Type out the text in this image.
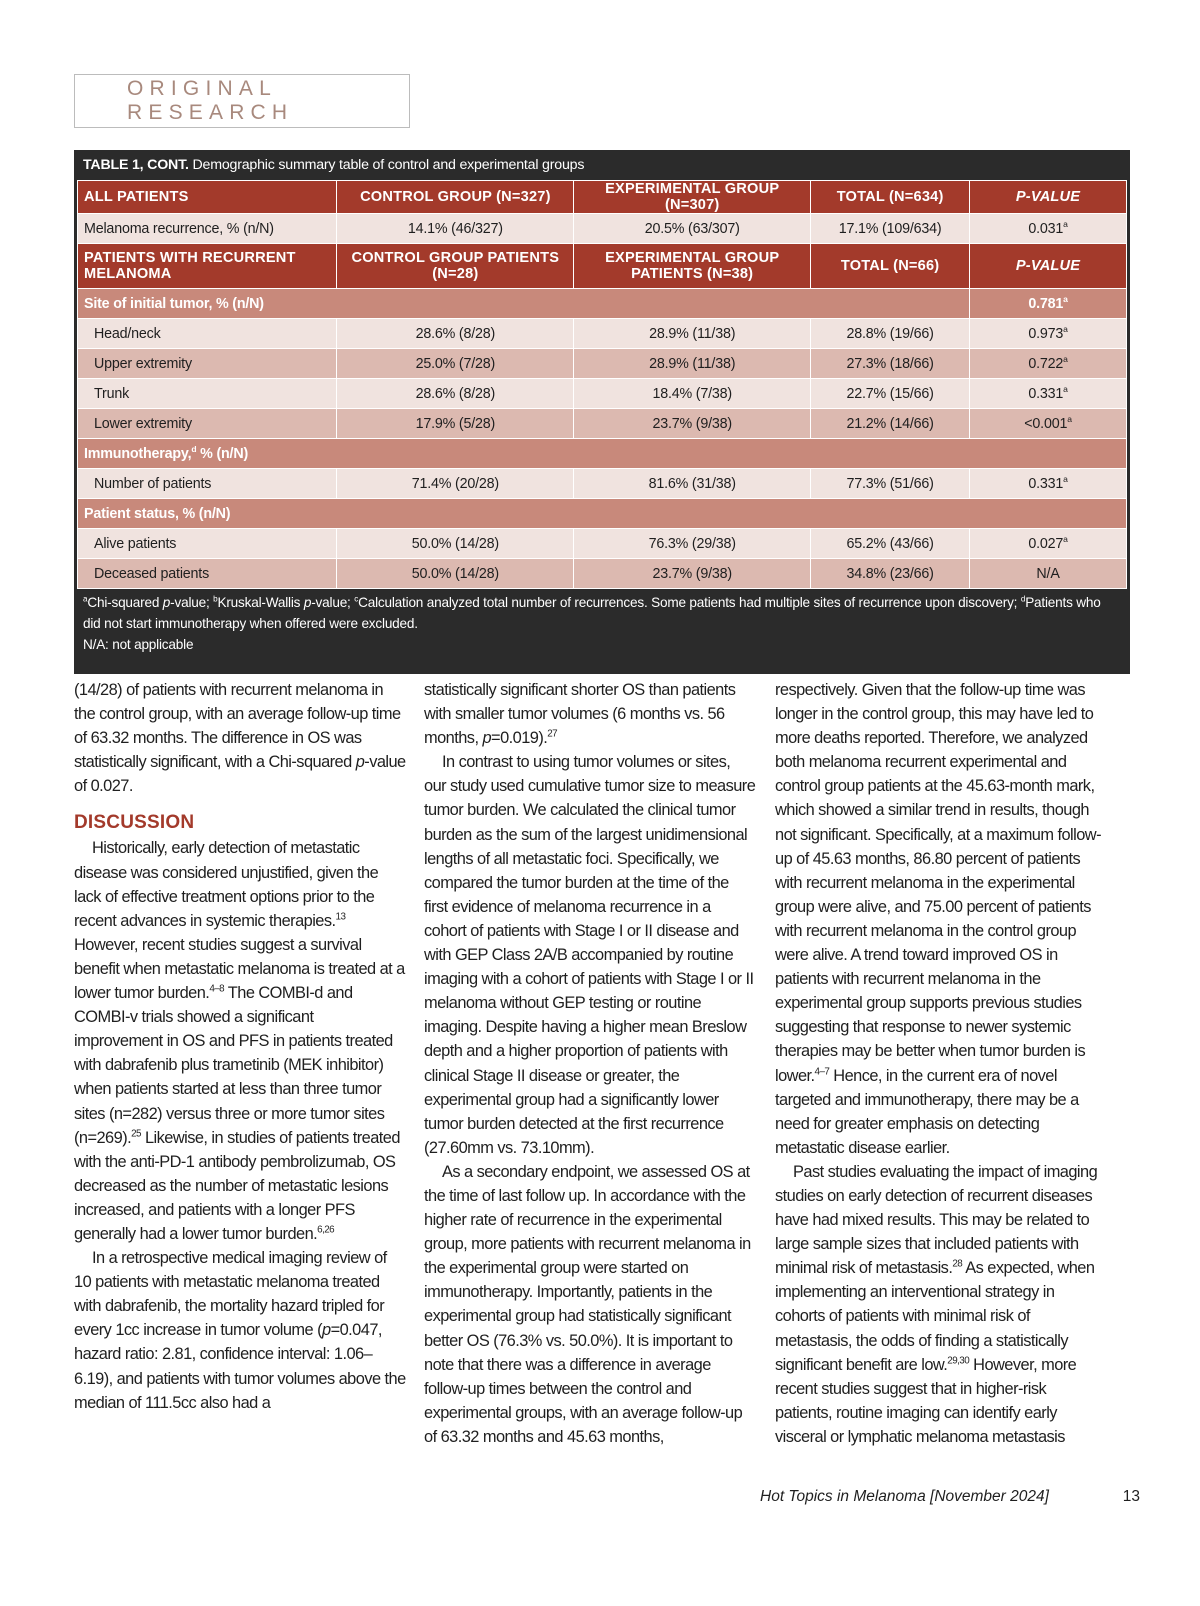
ORIGINAL RESEARCH
TABLE 1, CONT. Demographic summary table of control and experimental groups
ALL PATIENTS	CONTROL GROUP (N=327)	EXPERIMENTAL GROUP (N=307)	TOTAL (N=634)	P-VALUE
Melanoma recurrence, % (n/N)	14.1% (46/327)	20.5% (63/307)	17.1% (109/634)	0.031$^a$
PATIENTS WITH RECURRENT MELANOMA	CONTROL GROUP PATIENTS (N=28)	EXPERIMENTAL GROUP PATIENTS (N=38)	TOTAL (N=66)	P-VALUE
Site of initial tumor, % (n/N)				0.781$^a$
Head/neck	28.6% (8/28)	28.9% (11/38)	28.8% (19/66)	0.973$^a$
Upper extremity	25.0% (7/28)	28.9% (11/38)	27.3% (18/66)	0.722$^a$
Trunk	28.6% (8/28)	18.4% (7/38)	22.7% (15/66)	0.331$^a$
Lower extremity	17.9% (5/28)	23.7% (9/38)	21.2% (14/66)	<0.001$^a$
Immunotherapy,$^d$ % (n/N)				
Number of patients	71.4% (20/28)	81.6% (31/38)	77.3% (51/66)	0.331$^a$
Patient status, % (n/N)				
Alive patients	50.0% (14/28)	76.3% (29/38)	65.2% (43/66)	0.027$^a$
Deceased patients	50.0% (14/28)	23.7% (9/38)	34.8% (23/66)	N/A
$^a$Chi-squared p-value; $^b$Kruskal-Wallis p-value; $^c$Calculation analyzed total number of recurrences. Some patients had multiple sites of recurrence upon discovery; $^d$Patients who did not start immunotherapy when offered were excluded.
N/A: not applicable

(14/28) of patients with recurrent melanoma in the control group, with an average follow-up time of 63.32 months. The difference in OS was statistically significant, with a Chi-squared p-value of 0.027.

DISCUSSION

Historically, early detection of metastatic disease was considered unjustified, given the lack of effective treatment options prior to the recent advances in systemic therapies.$^{13}$ However, recent studies suggest a survival benefit when metastatic melanoma is treated at a lower tumor burden.$^{4-8}$ The COMBI-d and COMBI-v trials showed a significant improvement in OS and PFS in patients treated with dabrafenib plus trametinib (MEK inhibitor) when patients started at less than three tumor sites (n=282) versus three or more tumor sites (n=269).$^{25}$ Likewise, in studies of patients treated with the anti-PD-1 antibody pembrolizumab, OS decreased as the number of metastatic lesions increased, and patients with a longer PFS generally had a lower tumor burden.$^{6,26}$

In a retrospective medical imaging review of 10 patients with metastatic melanoma treated with dabrafenib, the mortality hazard tripled for every 1cc increase in tumor volume (p=0.047, hazard ratio: 2.81, confidence interval: 1.06–6.19), and patients with tumor volumes above the median of 111.5cc also had a

statistically significant shorter OS than patients with smaller tumor volumes (6 months vs. 56 months, p=0.019).$^{27}$

In contrast to using tumor volumes or sites, our study used cumulative tumor size to measure tumor burden. We calculated the clinical tumor burden as the sum of the largest unidimensional lengths of all metastatic foci. Specifically, we compared the tumor burden at the time of the first evidence of melanoma recurrence in a cohort of patients with Stage I or II disease and with GEP Class 2A/B accompanied by routine imaging with a cohort of patients with Stage I or II melanoma without GEP testing or routine imaging. Despite having a higher mean Breslow depth and a higher proportion of patients with clinical Stage II disease or greater, the experimental group had a significantly lower tumor burden detected at the first recurrence (27.60mm vs. 73.10mm).

As a secondary endpoint, we assessed OS at the time of last follow up. In accordance with the higher rate of recurrence in the experimental group, more patients with recurrent melanoma in the experimental group were started on immunotherapy. Importantly, patients in the experimental group had statistically significant better OS (76.3% vs. 50.0%). It is important to note that there was a difference in average follow-up times between the control and experimental groups, with an average follow-up of 63.32 months and 45.63 months,

respectively. Given that the follow-up time was longer in the control group, this may have led to more deaths reported. Therefore, we analyzed both melanoma recurrent experimental and control group patients at the 45.63-month mark, which showed a similar trend in results, though not significant. Specifically, at a maximum follow-up of 45.63 months, 86.80 percent of patients with recurrent melanoma in the experimental group were alive, and 75.00 percent of patients with recurrent melanoma in the control group were alive. A trend toward improved OS in patients with recurrent melanoma in the experimental group supports previous studies suggesting that response to newer systemic therapies may be better when tumor burden is lower.$^{4-7}$ Hence, in the current era of novel targeted and immunotherapy, there may be a need for greater emphasis on detecting metastatic disease earlier.

Past studies evaluating the impact of imaging studies on early detection of recurrent diseases have had mixed results. This may be related to large sample sizes that included patients with minimal risk of metastasis.$^{28}$ As expected, when implementing an interventional strategy in cohorts of patients with minimal risk of metastasis, the odds of finding a statistically significant benefit are low.$^{29,30}$ However, more recent studies suggest that in higher-risk patients, routine imaging can identify early visceral or lymphatic melanoma metastasis

Hot Topics in Melanoma [November 2024]	13
